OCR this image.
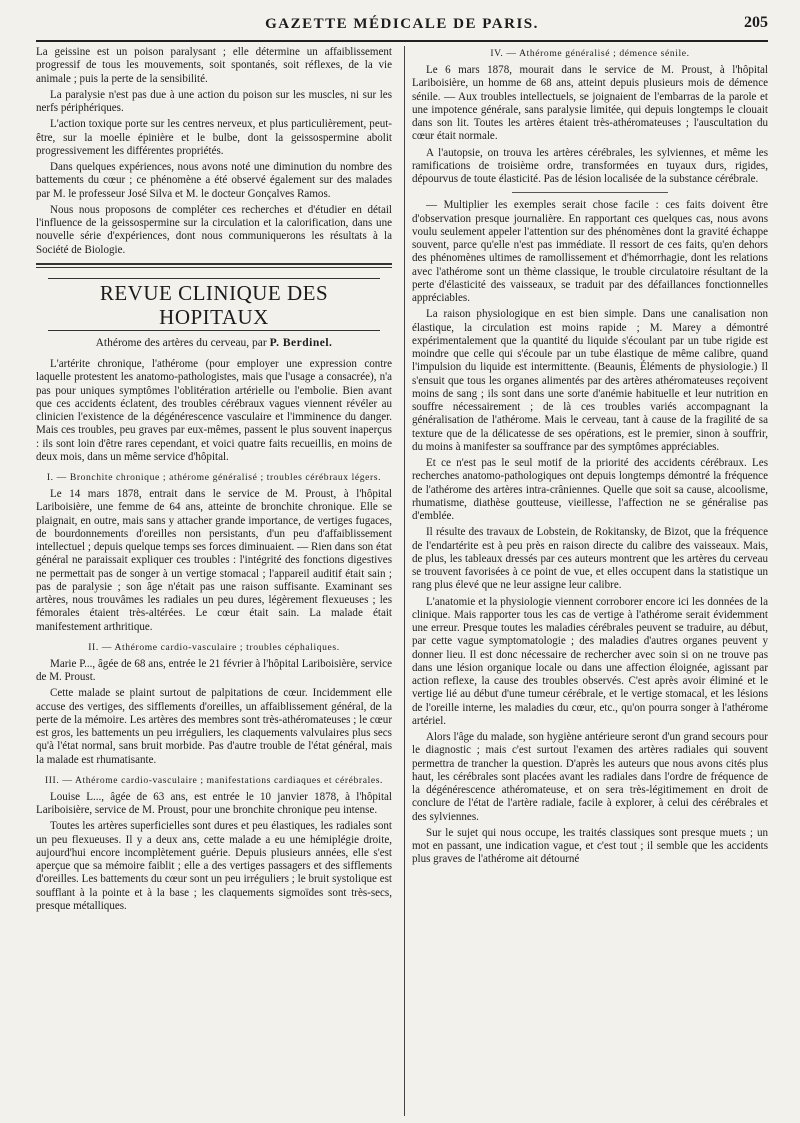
GAZETTE MÉDICALE DE PARIS.	205

La geissine est un poison paralysant ; elle détermine un affaiblissement progressif de tous les mouvements, soit spontanés, soit réflexes, de la vie animale ; puis la perte de la sensibilité.

La paralysie n'est pas due à une action du poison sur les muscles, ni sur les nerfs périphériques.

L'action toxique porte sur les centres nerveux, et plus particulièrement, peut-être, sur la moelle épinière et le bulbe, dont la geissospermine abolit progressivement les différentes propriétés.

Dans quelques expériences, nous avons noté une diminution du nombre des battements du cœur ; ce phénomène a été observé également sur des malades par M. le professeur José Silva et M. le docteur Gonçalves Ramos.

Nous nous proposons de compléter ces recherches et d'étudier en détail l'influence de la geissospermine sur la circulation et la calorification, dans une nouvelle série d'expériences, dont nous communiquerons les résultats à la Société de Biologie.

REVUE CLINIQUE DES HOPITAUX
Athérome des artères du cerveau, par P. Berdinel.

L'artérite chronique, l'athérome (pour employer une expression contre laquelle protestent les anatomo-pathologistes, mais que l'usage a consacrée), n'a pas pour uniques symptômes l'oblitération artérielle ou l'embolie. Bien avant que ces accidents éclatent, des troubles cérébraux vagues viennent révéler au clinicien l'existence de la dégénérescence vasculaire et l'imminence du danger. Mais ces troubles, peu graves par eux-mêmes, passent le plus souvent inaperçus : ils sont loin d'être rares cependant, et voici quatre faits recueillis, en moins de deux mois, dans un même service d'hôpital.

I. — Bronchite chronique ; athérome généralisé ; troubles cérébraux légers.

Le 14 mars 1878, entrait dans le service de M. Proust, à l'hôpital Lariboisière, une femme de 64 ans, atteinte de bronchite chronique. Elle se plaignait, en outre, mais sans y attacher grande importance, de vertiges fugaces, de bourdonnements d'oreilles non persistants, d'un peu d'affaiblissement intellectuel ; depuis quelque temps ses forces diminuaient. — Rien dans son état général ne paraissait expliquer ces troubles : l'intégrité des fonctions digestives ne permettait pas de songer à un vertige stomacal ; l'appareil auditif était sain ; pas de paralysie ; son âge n'était pas une raison suffisante. Examinant ses artères, nous trouvâmes les radiales un peu dures, légèrement flexueuses ; les fémorales étaient très-altérées. Le cœur était sain. La malade était manifestement arthritique.

II. — Athérome cardio-vasculaire ; troubles céphaliques.

Marie P..., âgée de 68 ans, entrée le 21 février à l'hôpital Lariboisière, service de M. Proust.

Cette malade se plaint surtout de palpitations de cœur. Incidemment elle accuse des vertiges, des sifflements d'oreilles, un affaiblissement général, de la perte de la mémoire. Les artères des membres sont très-athéromateuses ; le cœur est gros, les battements un peu irréguliers, les claquements valvulaires plus secs qu'à l'état normal, sans bruit morbide. Pas d'autre trouble de l'état général, mais la malade est rhumatisante.

III. — Athérome cardio-vasculaire ; manifestations cardiaques et cérébrales.

Louise L..., âgée de 63 ans, est entrée le 10 janvier 1878, à l'hôpital Lariboisière, service de M. Proust, pour une bronchite chronique peu intense.

Toutes les artères superficielles sont dures et peu élastiques, les radiales sont un peu flexueuses. Il y a deux ans, cette malade a eu une hémiplégie droite, aujourd'hui encore incomplètement guérie. Depuis plusieurs années, elle s'est aperçue que sa mémoire faiblit ; elle a des vertiges passagers et des sifflements d'oreilles. Les battements du cœur sont un peu irréguliers ; le bruit systolique est soufflant à la pointe et à la base ; les claquements sigmoïdes sont très-secs, presque métalliques.

IV. — Athérome généralisé ; démence sénile.

Le 6 mars 1878, mourait dans le service de M. Proust, à l'hôpital Lariboisière, un homme de 68 ans, atteint depuis plusieurs mois de démence sénile. — Aux troubles intellectuels, se joignaient de l'embarras de la parole et une impotence générale, sans paralysie limitée, qui depuis longtemps le clouait dans son lit. Toutes les artères étaient très-athéromateuses ; l'auscultation du cœur était normale.

A l'autopsie, on trouva les artères cérébrales, les sylviennes, et même les ramifications de troisième ordre, transformées en tuyaux durs, rigides, dépourvus de toute élasticité. Pas de lésion localisée de la substance cérébrale.

— Multiplier les exemples serait chose facile : ces faits doivent être d'observation presque journalière. En rapportant ces quelques cas, nous avons voulu seulement appeler l'attention sur des phénomènes dont la gravité échappe souvent, parce qu'elle n'est pas immédiate. Il ressort de ces faits, qu'en dehors des phénomènes ultimes de ramollissement et d'hémorrhagie, dont les relations avec l'athérome sont un thème classique, le trouble circulatoire résultant de la perte d'élasticité des vaisseaux, se traduit par des défaillances fonctionnelles appréciables.

La raison physiologique en est bien simple. Dans une canalisation non élastique, la circulation est moins rapide ; M. Marey a démontré expérimentalement que la quantité du liquide s'écoulant par un tube rigide est moindre que celle qui s'écoule par un tube élastique de même calibre, quand l'impulsion du liquide est intermittente. (Beaunis, Éléments de physiologie.) Il s'ensuit que tous les organes alimentés par des artères athéromateuses reçoivent moins de sang ; ils sont dans une sorte d'anémie habituelle et leur nutrition en souffre nécessairement ; de là ces troubles variés accompagnant la généralisation de l'athérome. Mais le cerveau, tant à cause de la fragilité de sa texture que de la délicatesse de ses opérations, est le premier, sinon à souffrir, du moins à manifester sa souffrance par des symptômes appréciables.

Et ce n'est pas le seul motif de la priorité des accidents cérébraux. Les recherches anatomo-pathologiques ont depuis longtemps démontré la fréquence de l'athérome des artères intra-crâniennes. Quelle que soit sa cause, alcoolisme, rhumatisme, diathèse goutteuse, vieillesse, l'affection ne se généralise pas d'emblée.

Il résulte des travaux de Lobstein, de Rokitansky, de Bizot, que la fréquence de l'endartérite est à peu près en raison directe du calibre des vaisseaux. Mais, de plus, les tableaux dressés par ces auteurs montrent que les artères du cerveau se trouvent favorisées à ce point de vue, et elles occupent dans la statistique un rang plus élevé que ne leur assigne leur calibre.

L'anatomie et la physiologie viennent corroborer encore ici les données de la clinique. Mais rapporter tous les cas de vertige à l'athérome serait évidemment une erreur. Presque toutes les maladies cérébrales peuvent se traduire, au début, par cette vague symptomatologie ; des maladies d'autres organes peuvent y donner lieu. Il est donc nécessaire de rechercher avec soin si on ne trouve pas dans une lésion organique locale ou dans une affection éloignée, agissant par action reflexe, la cause des troubles observés. C'est après avoir éliminé et le vertige lié au début d'une tumeur cérébrale, et le vertige stomacal, et les lésions de l'oreille interne, les maladies du cœur, etc., qu'on pourra songer à l'athérome artériel.

Alors l'âge du malade, son hygiène antérieure seront d'un grand secours pour le diagnostic ; mais c'est surtout l'examen des artères radiales qui souvent permettra de trancher la question. D'après les auteurs que nous avons cités plus haut, les cérébrales sont placées avant les radiales dans l'ordre de fréquence de la dégénérescence athéromateuse, et on sera très-légitimement en droit de conclure de l'état de l'artère radiale, facile à explorer, à celui des cérébrales et des sylviennes.

Sur le sujet qui nous occupe, les traités classiques sont presque muets ; un mot en passant, une indication vague, et c'est tout ; il semble que les accidents plus graves de l'athérome ait détourné
